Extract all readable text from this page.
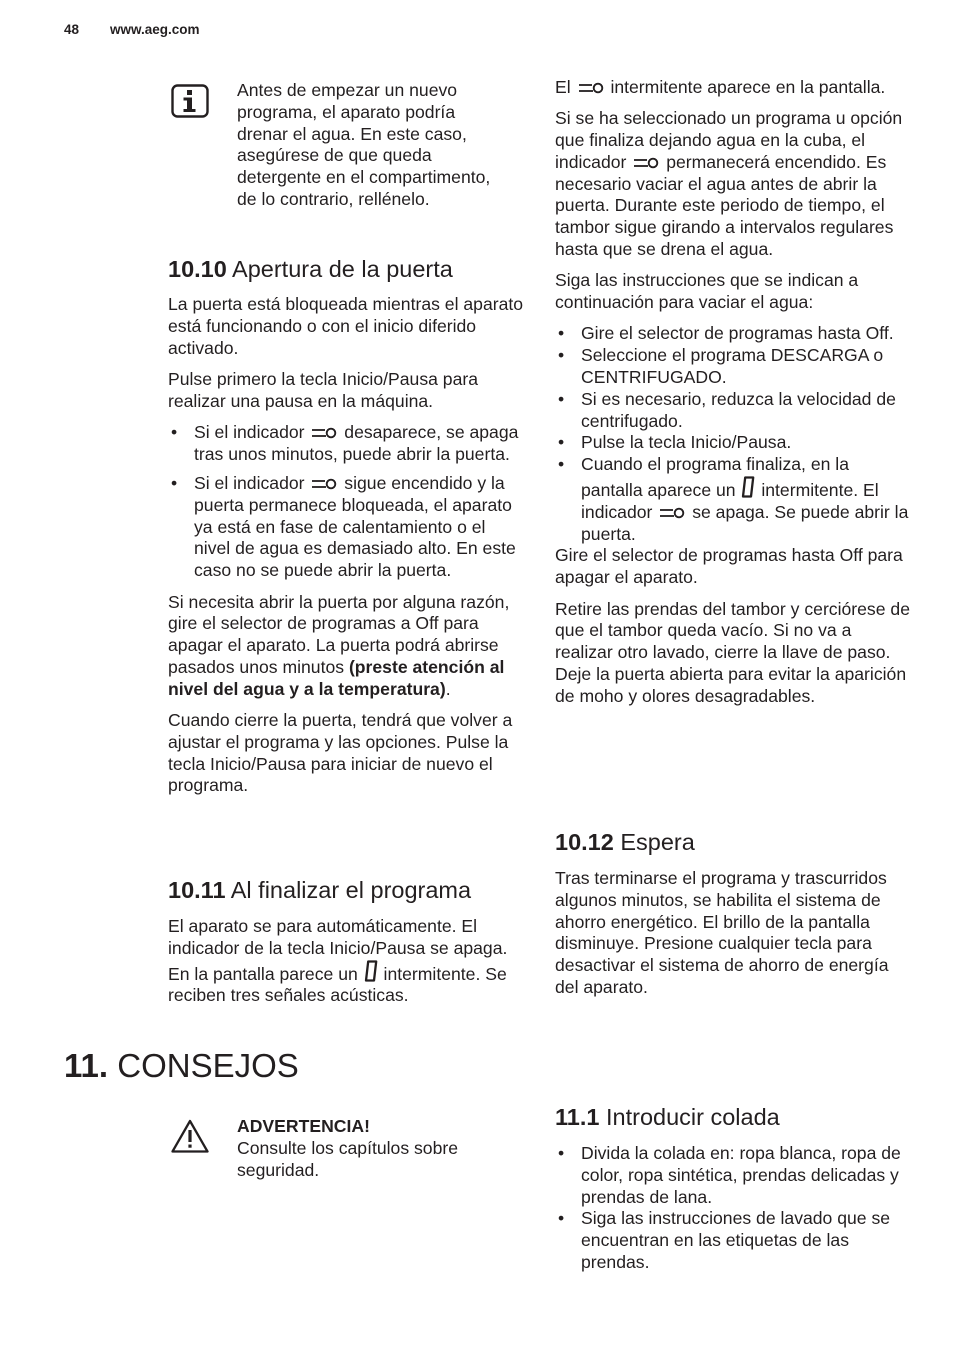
48 www.aeg.com

Antes de empezar un nuevo programa, el aparato podría drenar el agua. En este caso, asegúrese de que queda detergente en el compartimento, de lo contrario, rellénelo.

10.10 Apertura de la puerta

La puerta está bloqueada mientras el aparato está funcionando o con el inicio diferido activado.

Pulse primero la tecla Inicio/Pausa para realizar una pausa en la máquina.

• Si el indicador desaparece, se apaga tras unos minutos, puede abrir la puerta.
• Si el indicador sigue encendido y la puerta permanece bloqueada, el aparato ya está en fase de calentamiento o el nivel de agua es demasiado alto. En este caso no se puede abrir la puerta.

Si necesita abrir la puerta por alguna razón, gire el selector de programas a Off para apagar el aparato. La puerta podrá abrirse pasados unos minutos (preste atención al nivel del agua y a la temperatura).

Cuando cierre la puerta, tendrá que volver a ajustar el programa y las opciones. Pulse la tecla Inicio/Pausa para iniciar de nuevo el programa.

10.11 Al finalizar el programa

El aparato se para automáticamente. El indicador de la tecla Inicio/Pausa se apaga. En la pantalla parece un intermitente. Se reciben tres señales acústicas.

El intermitente aparece en la pantalla.

Si se ha seleccionado un programa u opción que finaliza dejando agua en la cuba, el indicador permanecerá encendido. Es necesario vaciar el agua antes de abrir la puerta. Durante este periodo de tiempo, el tambor sigue girando a intervalos regulares hasta que se drena el agua.

Siga las instrucciones que se indican a continuación para vaciar el agua:

• Gire el selector de programas hasta Off.
• Seleccione el programa DESCARGA o CENTRIFUGADO.
• Si es necesario, reduzca la velocidad de centrifugado.
• Pulse la tecla Inicio/Pausa.
• Cuando el programa finaliza, en la pantalla aparece un intermitente. El indicador se apaga. Se puede abrir la puerta.

Gire el selector de programas hasta Off para apagar el aparato.

Retire las prendas del tambor y cerciórese de que el tambor queda vacío. Si no va a realizar otro lavado, cierre la llave de paso. Deje la puerta abierta para evitar la aparición de moho y olores desagradables.

10.12 Espera

Tras terminarse el programa y trascurridos algunos minutos, se habilita el sistema de ahorro energético. El brillo de la pantalla disminuye. Presione cualquier tecla para desactivar el sistema de ahorro de energía del aparato.

11. CONSEJOS
ADVERTENCIA!
Consulte los capítulos sobre seguridad.
11.1 Introducir colada
• Divida la colada en: ropa blanca, ropa de color, ropa sintética, prendas delicadas y prendas de lana.
• Siga las instrucciones de lavado que se encuentran en las etiquetas de las prendas.
